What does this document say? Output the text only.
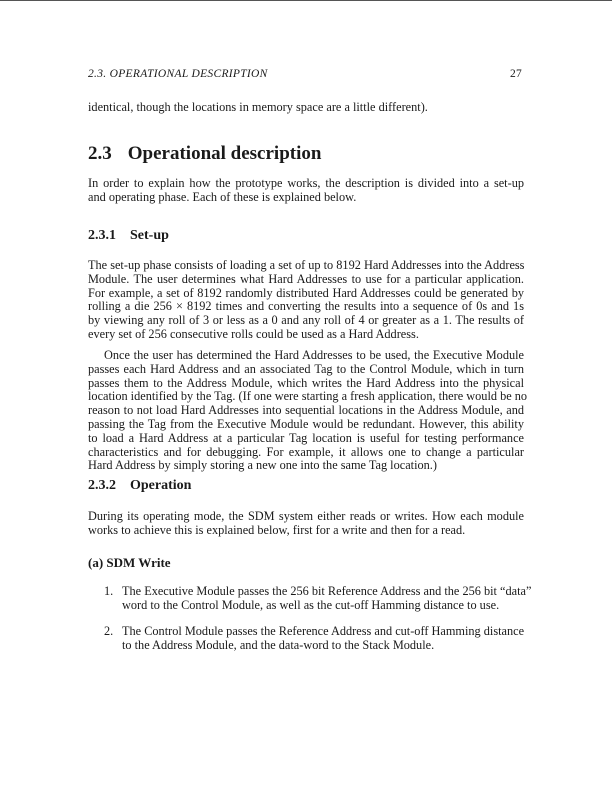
2.3. OPERATIONAL DESCRIPTION	27
identical, though the locations in memory space are a little different).
2.3 Operational description
In order to explain how the prototype works, the description is divided into a set-up
and operating phase. Each of these is explained below.
2.3.1 Set-up
The set-up phase consists of loading a set of up to 8192 Hard Addresses into the Address
Module. The user determines what Hard Addresses to use for a particular application.
For example, a set of 8192 randomly distributed Hard Addresses could be generated by
rolling a die 256 × 8192 times and converting the results into a sequence of 0s and 1s
by viewing any roll of 3 or less as a 0 and any roll of 4 or greater as a 1. The results of
every set of 256 consecutive rolls could be used as a Hard Address.
Once the user has determined the Hard Addresses to be used, the Executive Module
passes each Hard Address and an associated Tag to the Control Module, which in turn
passes them to the Address Module, which writes the Hard Address into the physical
location identified by the Tag. (If one were starting a fresh application, there would be no
reason to not load Hard Addresses into sequential locations in the Address Module, and
passing the Tag from the Executive Module would be redundant. However, this ability
to load a Hard Address at a particular Tag location is useful for testing performance
characteristics and for debugging. For example, it allows one to change a particular
Hard Address by simply storing a new one into the same Tag location.)
2.3.2 Operation
During its operating mode, the SDM system either reads or writes. How each module
works to achieve this is explained below, first for a write and then for a read.
(a) SDM Write
1. The Executive Module passes the 256 bit Reference Address and the 256 bit “data”
word to the Control Module, as well as the cut-off Hamming distance to use.
2. The Control Module passes the Reference Address and cut-off Hamming distance
to the Address Module, and the data-word to the Stack Module.
